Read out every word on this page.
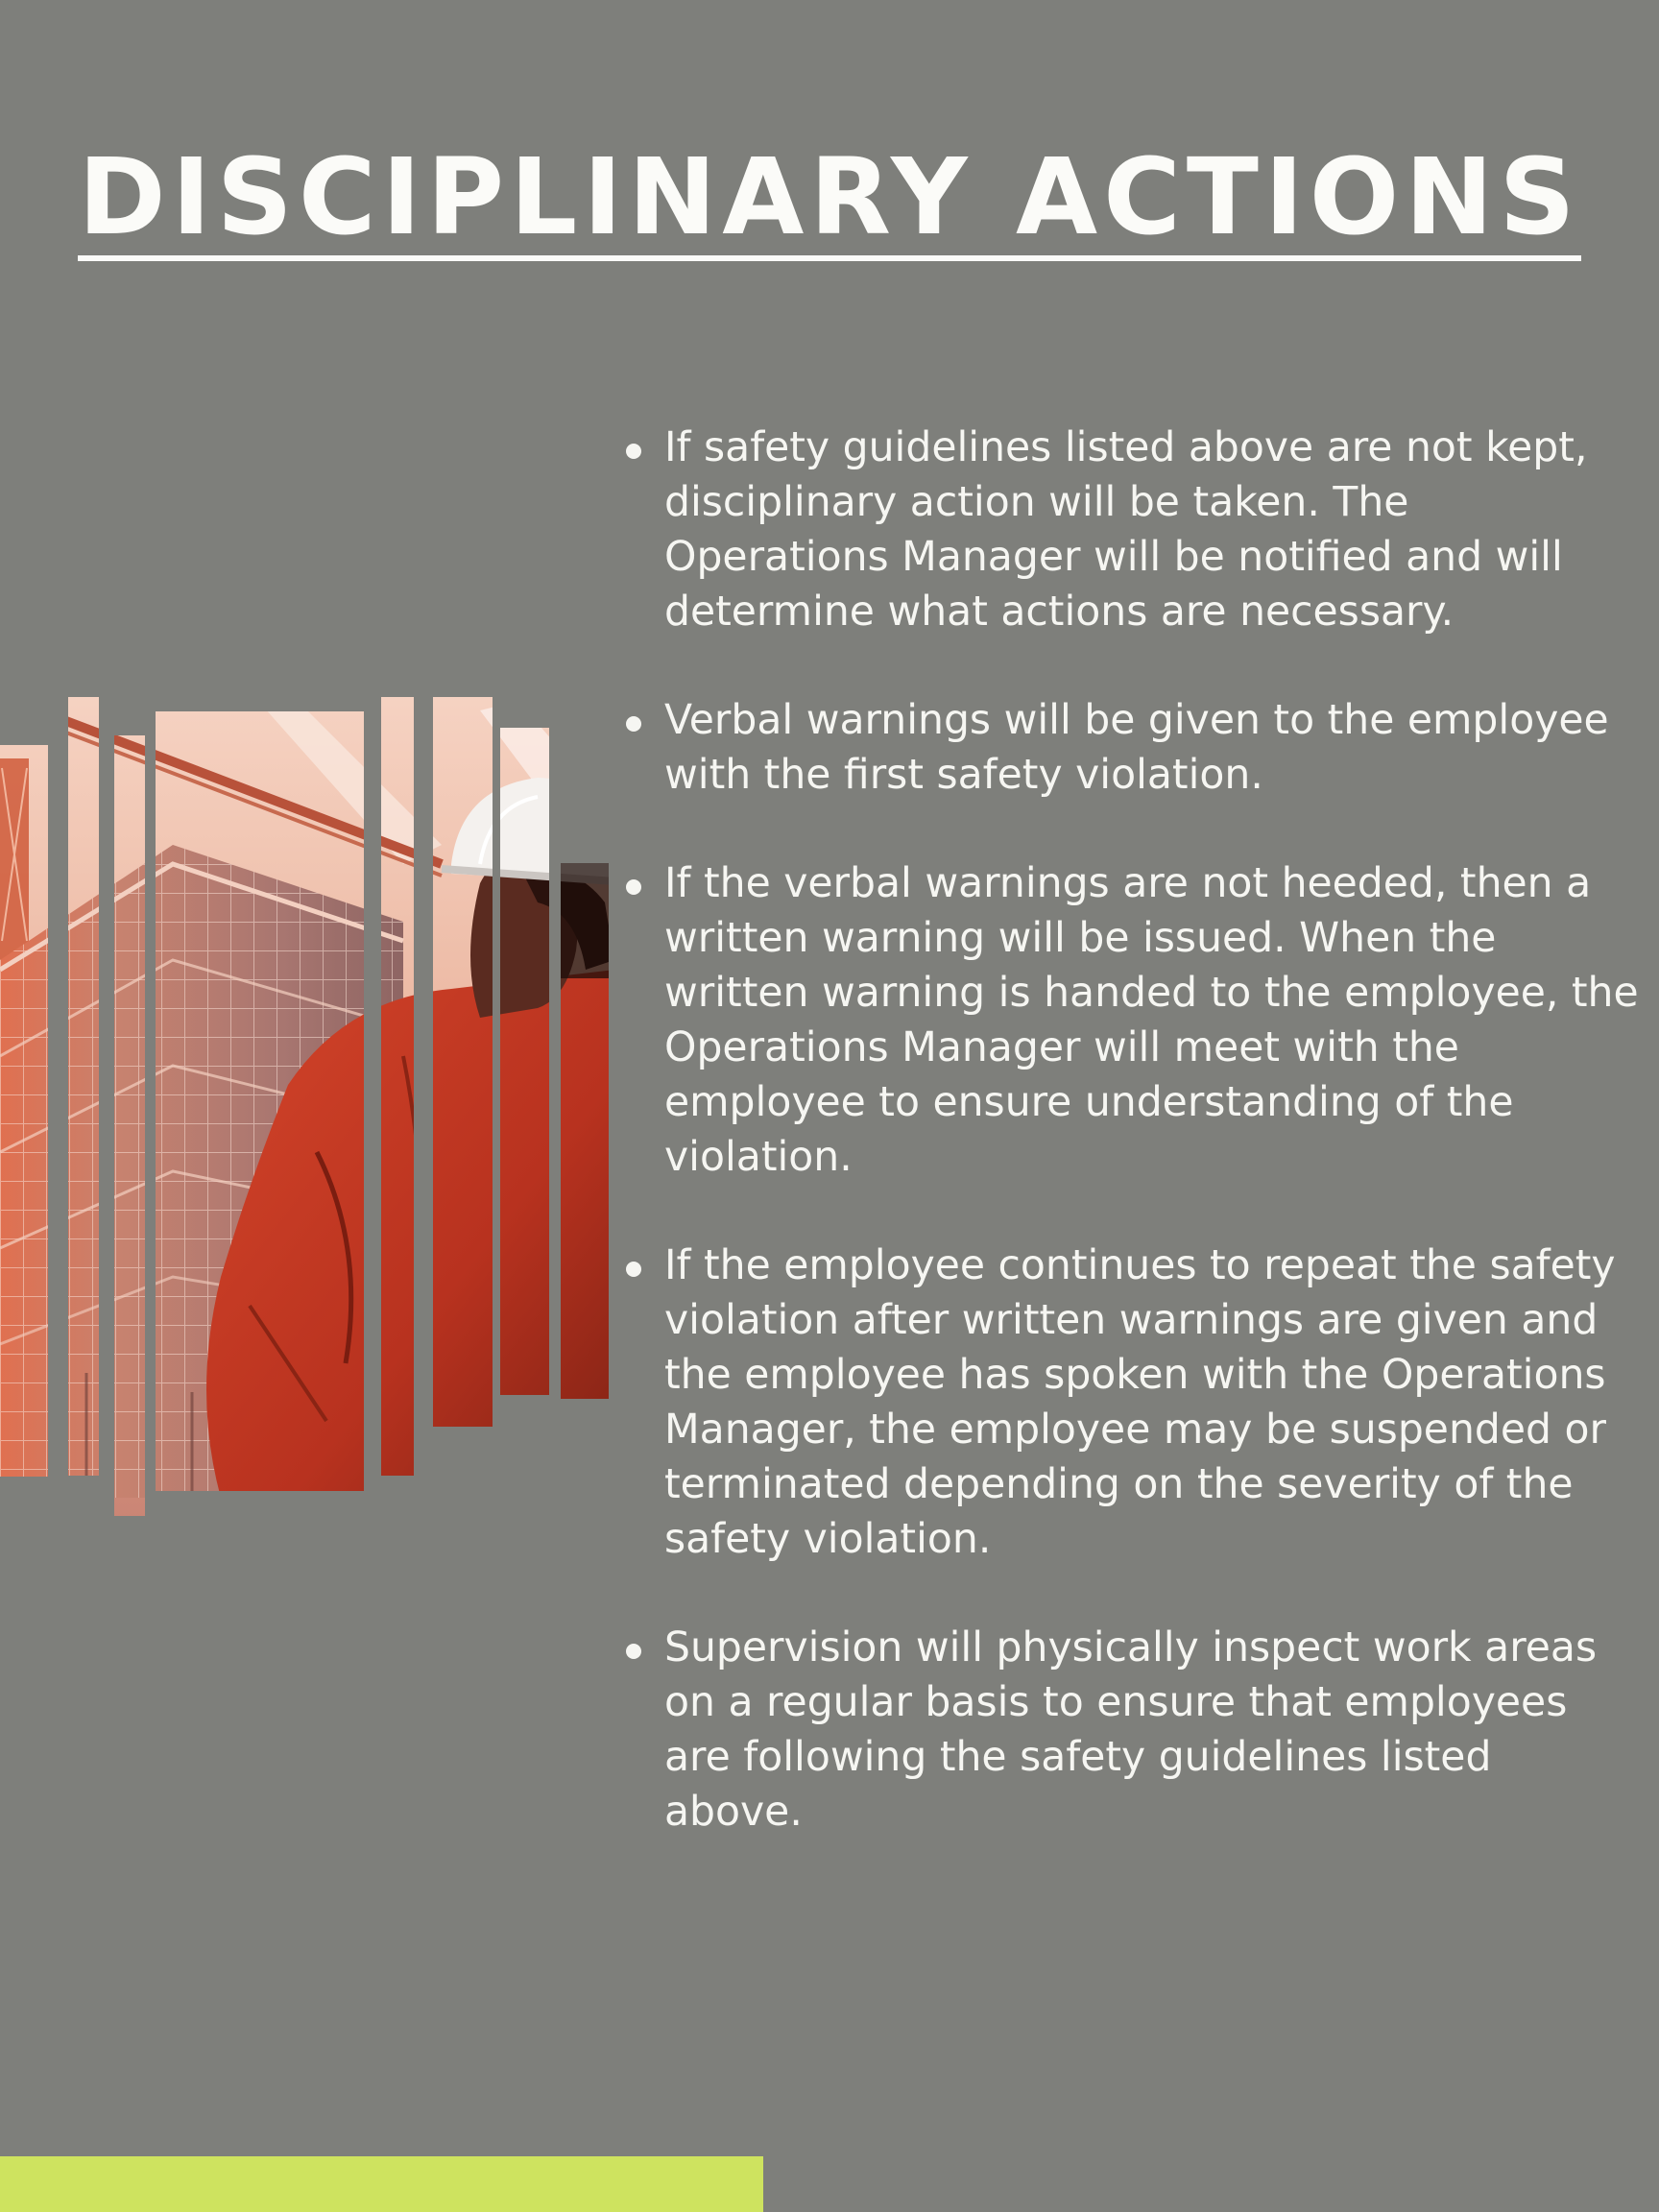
DISCIPLINARY ACTIONS
If safety guidelines listed above are not kept, disciplinary action will be taken. The Operations Manager will be notified and will determine what actions are necessary.
Verbal warnings will be given to the employee with the first safety violation.
If the verbal warnings are not heeded, then a written warning will be issued. When the written warning is handed to the employee, the Operations Manager will meet with the employee to ensure understanding of the violation.
If the employee continues to repeat the safety violation after written warnings are given and the employee has spoken with the Operations Manager, the employee may be suspended or terminated depending on the severity of the safety violation.
Supervision will physically inspect work areas on a regular basis to ensure that employees are following the safety guidelines listed above.
